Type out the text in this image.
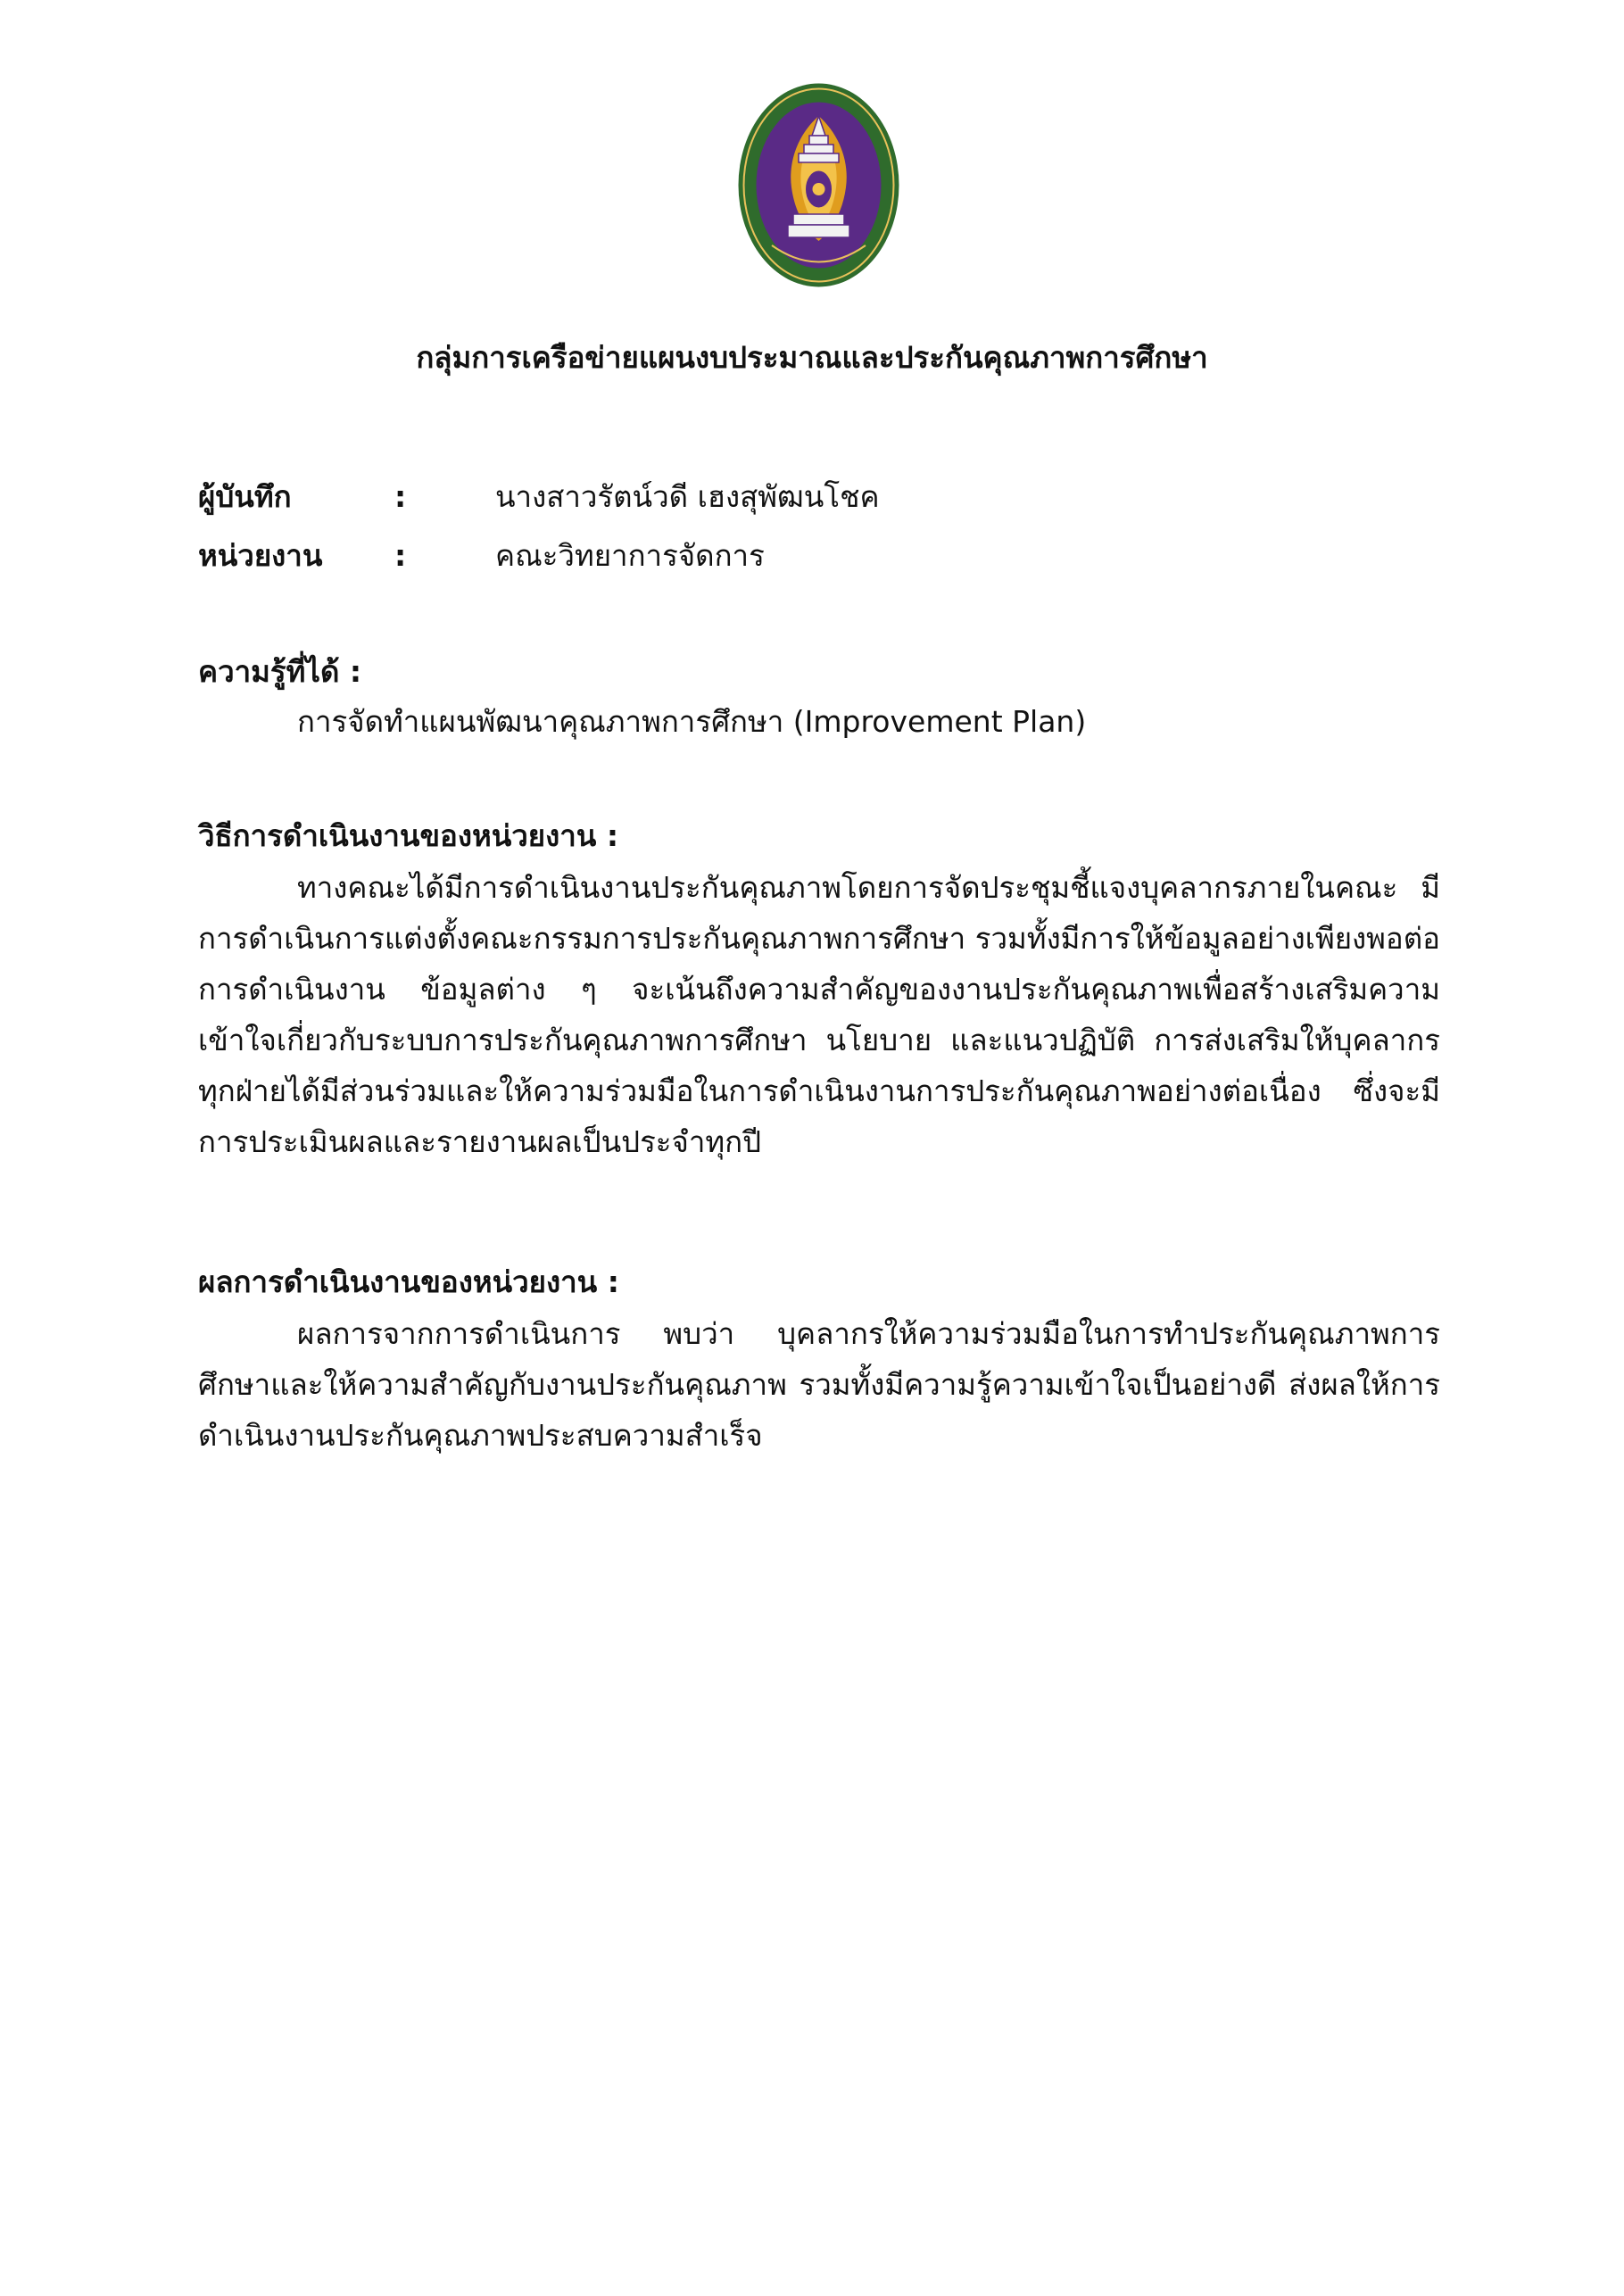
กลุ่มการเครือข่ายแผนงบประมาณและประกันคุณภาพการศึกษา
ผู้บันทึก	:	นางสาวรัตน์วดี เฮงสุพัฒนโชค
หน่วยงาน :	คณะวิทยาการจัดการ
ความรู้ที่ได้ :
การจัดทำแผนพัฒนาคุณภาพการศึกษา (Improvement Plan)
วิธีการดำเนินงานของหน่วยงาน :

ทางคณะได้มีการดำเนินงานประกันคุณภาพโดยการจัดประชุมชี้แจงบุคลากรภายในคณะ มีการดำเนินการแต่งตั้งคณะกรรมการประกันคุณภาพการศึกษา รวมทั้งมีการให้ข้อมูลอย่างเพียงพอต่อการดำเนินงาน ข้อมูลต่าง ๆ จะเน้นถึงความสำคัญของงานประกันคุณภาพเพื่อสร้างเสริมความเข้าใจเกี่ยวกับระบบการประกันคุณภาพการศึกษา นโยบาย และแนวปฏิบัติ การส่งเสริมให้บุคลากรทุกฝ่ายได้มีส่วนร่วมและให้ความร่วมมือในการดำเนินงานการประกันคุณภาพอย่างต่อเนื่อง ซึ่งจะมีการประเมินผลและรายงานผลเป็นประจำทุกปี

ผลการดำเนินงานของหน่วยงาน :

ผลการจากการดำเนินการ พบว่า บุคลากรให้ความร่วมมือในการทำประกันคุณภาพการศึกษาและให้ความสำคัญกับงานประกันคุณภาพ รวมทั้งมีความรู้ความเข้าใจเป็นอย่างดี ส่งผลให้การดำเนินงานประกันคุณภาพประสบความสำเร็จ
